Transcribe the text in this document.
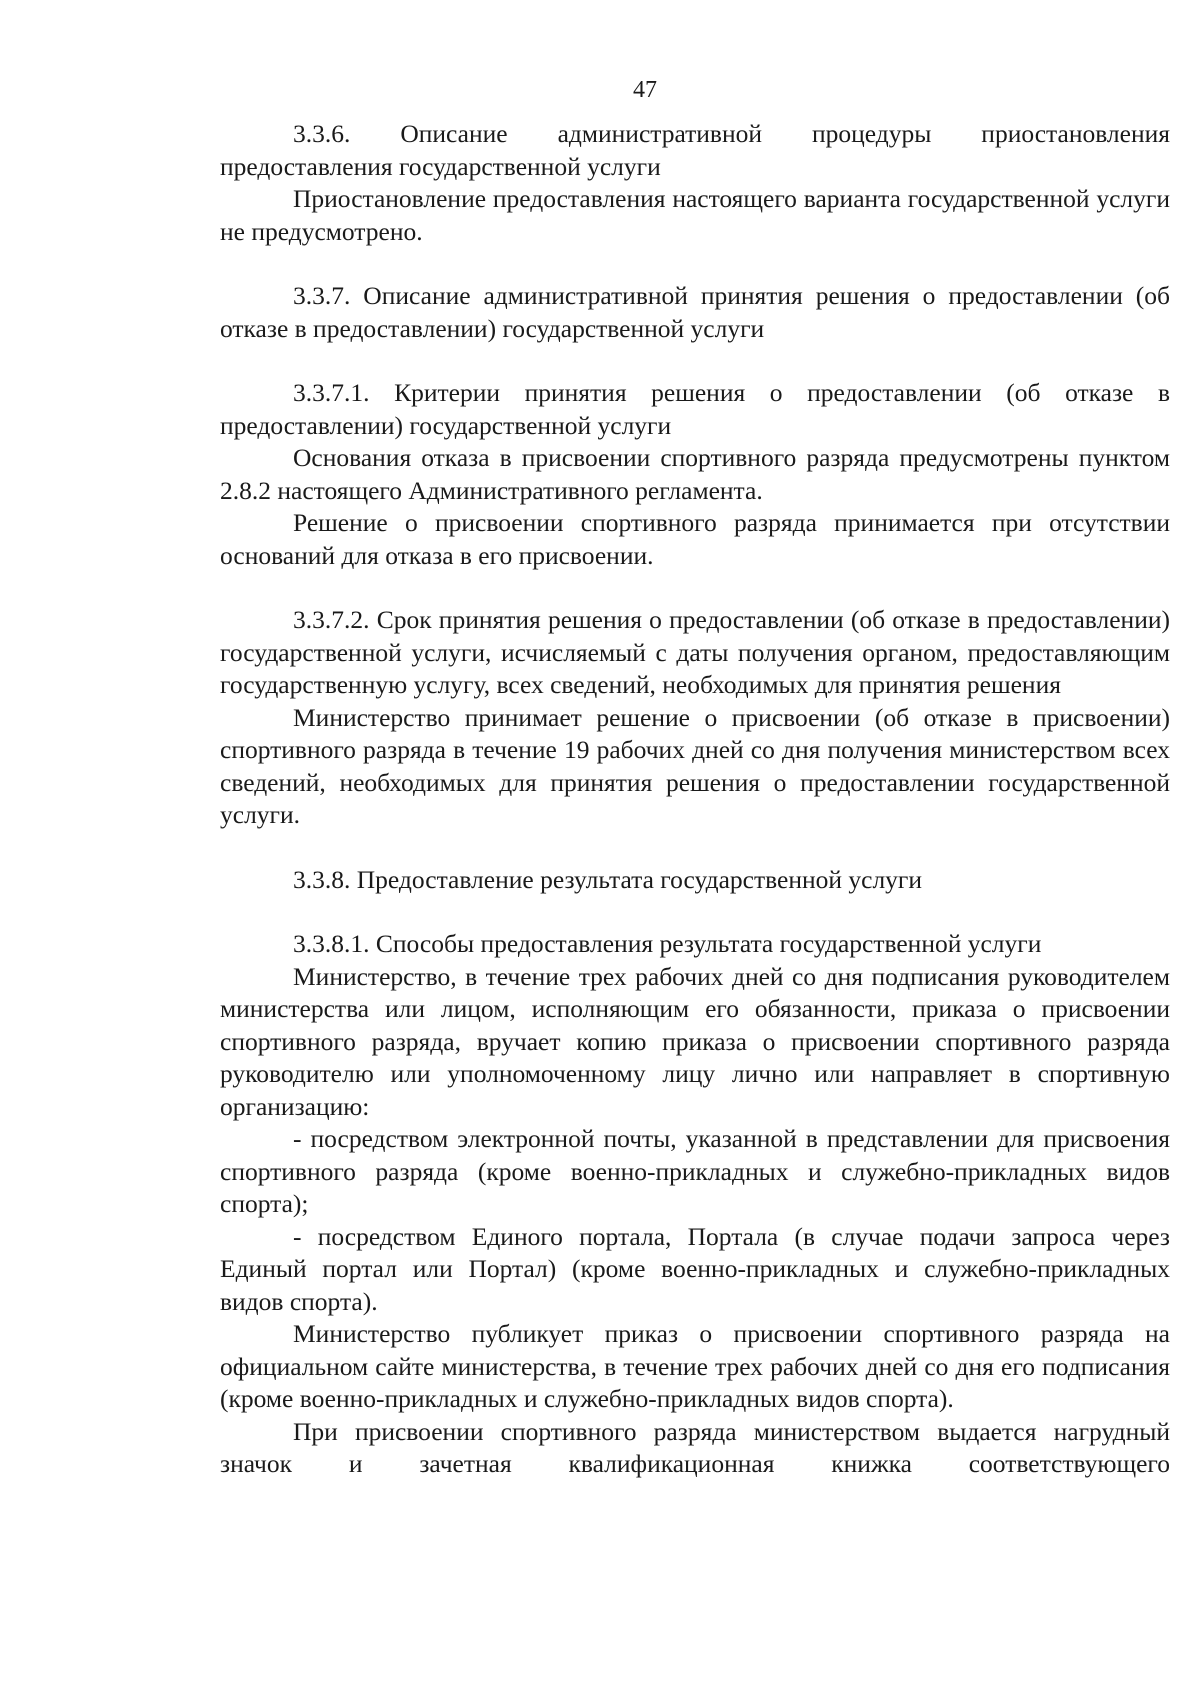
47

3.3.6. Описание административной процедуры приостановления предоставления государственной услуги

Приостановление предоставления настоящего варианта государственной услуги не предусмотрено.

3.3.7. Описание административной принятия решения о предоставлении (об отказе в предоставлении) государственной услуги

3.3.7.1. Критерии принятия решения о предоставлении (об отказе в предоставлении) государственной услуги

Основания отказа в присвоении спортивного разряда предусмотрены пунктом 2.8.2 настоящего Административного регламента.

Решение о присвоении спортивного разряда принимается при отсутствии оснований для отказа в его присвоении.

3.3.7.2. Срок принятия решения о предоставлении (об отказе в предоставлении) государственной услуги, исчисляемый с даты получения органом, предоставляющим государственную услугу, всех сведений, необходимых для принятия решения

Министерство принимает решение о присвоении (об отказе в присвоении) спортивного разряда в течение 19 рабочих дней со дня получения министерством всех сведений, необходимых для принятия решения о предоставлении государственной услуги.

3.3.8. Предоставление результата государственной услуги

3.3.8.1. Способы предоставления результата государственной услуги

Министерство, в течение трех рабочих дней со дня подписания руководителем министерства или лицом, исполняющим его обязанности, приказа о присвоении спортивного разряда, вручает копию приказа о присвоении спортивного разряда руководителю или уполномоченному лицу лично или направляет в спортивную организацию:

- посредством электронной почты, указанной в представлении для присвоения спортивного разряда (кроме военно-прикладных и служебно-прикладных видов спорта);

- посредством Единого портала, Портала (в случае подачи запроса через Единый портал или Портал) (кроме военно-прикладных и служебно-прикладных видов спорта).

Министерство публикует приказ о присвоении спортивного разряда на официальном сайте министерства, в течение трех рабочих дней со дня его подписания (кроме военно-прикладных и служебно-прикладных видов спорта).

При присвоении спортивного разряда министерством выдается нагрудный значок и зачетная квалификационная книжка соответствующего
